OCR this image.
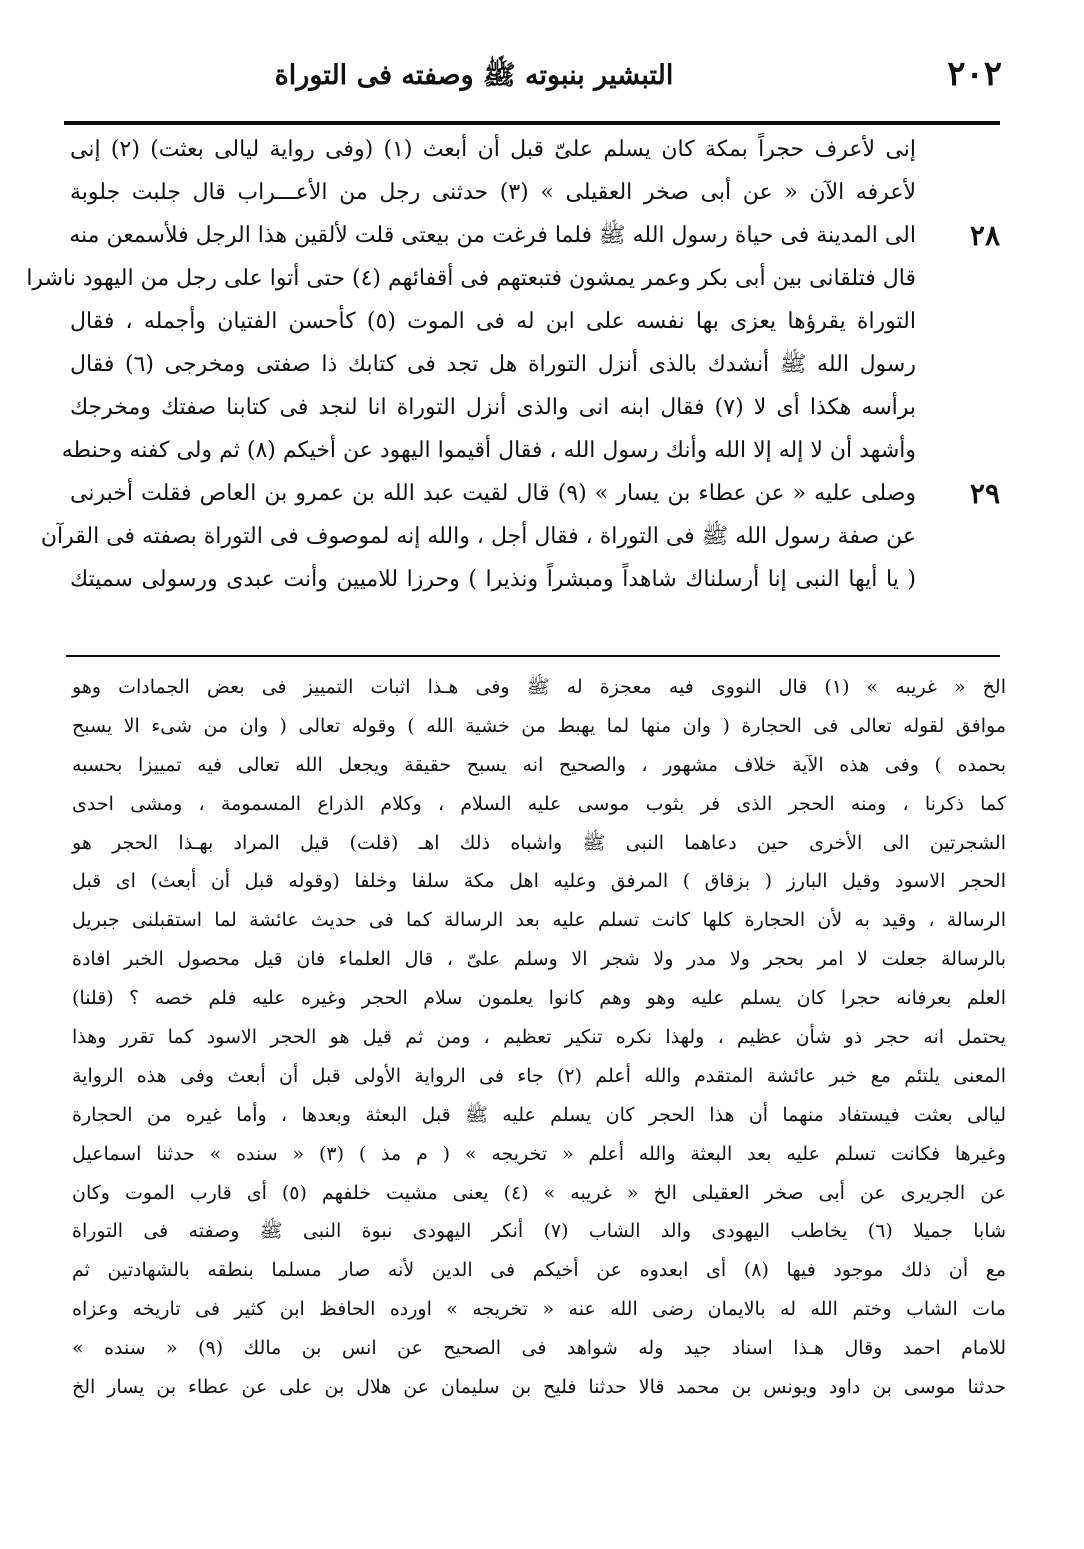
٢٠٢
التبشير بنبوته ﷺ وصفته فى التوراة
إنى لأعرف حجراً بمكة كان يسلم علىّ قبل أن أبعث (١) (وفى رواية ليالى بعثت) (٢) إنى
٢٨
لأعرفه الآن « عن أبى صخر العقيلى » (٣) حدثنى رجل من الأعـــراب قال جلبت جلوبة
الى المدينة فى حياة رسول الله ﷺ فلما فرغت من بيعتى قلت لألقين هذا الرجل فلأسمعن منه
قال فتلقانى بين أبى بكر وعمر يمشون فتبعتهم فى أقفائهم (٤) حتى أتوا على رجل من اليهود ناشرا
التوراة يقرؤها يعزى بها نفسه على ابن له فى الموت (٥) كأحسن الفتيان وأجمله ، فقال
رسول الله ﷺ أنشدك بالذى أنزل التوراة هل تجد فى كتابك ذا صفتى ومخرجى (٦) فقال
برأسه هكذا أى لا (٧) فقال ابنه انى والذى أنزل التوراة انا لنجد فى كتابنا صفتك ومخرجك
وأشهد أن لا إله إلا الله وأنك رسول الله ، فقال أقيموا اليهود عن أخيكم (٨) ثم ولى كفنه وحنطه
٢٩
وصلى عليه « عن عطاء بن يسار » (٩) قال لقيت عبد الله بن عمرو بن العاص فقلت أخبرنى
عن صفة رسول الله ﷺ فى التوراة ، فقال أجل ، والله إنه لموصوف فى التوراة بصفته فى القرآن
( يا أيها النبى إنا أرسلناك شاهداً ومبشراً ونذيرا ) وحرزا للاميين وأنت عبدى ورسولى سميتك
الخ « غريبه » (١) قال النووى فيه معجزة له ﷺ وفى هـذا اثبات التمييز فى بعض الجمادات وهو
موافق لقوله تعالى فى الحجارة ( وان منها لما يهبط من خشية الله ) وقوله تعالى ( وان من شىء الا يسبح
بحمده ) وفى هذه الآية خلاف مشهور ، والصحيح انه يسبح حقيقة ويجعل الله تعالى فيه تمييزا بحسبه
كما ذكرنا ، ومنه الحجر الذى فر بثوب موسى عليه السلام ، وكلام الذراع المسمومة ، ومشى احدى
الشجرتين الى الأخرى حين دعاهما النبى ﷺ واشباه ذلك اهـ (قلت) قيل المراد بهـذا الحجر هو
الحجر الاسود وقيل البارز ( بزقاق ) المرفق وعليه اهل مكة سلفا وخلفا (وقوله قبل أن أبعث) اى قبل
الرسالة ، وقيد به لأن الحجارة كلها كانت تسلم عليه بعد الرسالة كما فى حديث عائشة لما استقبلنى جبريل
بالرسالة جعلت لا امر بحجر ولا مدر ولا شجر الا وسلم علىّ ، قال العلماء فان قيل محصول الخبر افادة
العلم بعرفانه حجرا كان يسلم عليه وهو وهم كانوا يعلمون سلام الحجر وغيره عليه فلم خصه ؟ (قلنا)
يحتمل انه حجر ذو شأن عظيم ، ولهذا نكره تنكير تعظيم ، ومن ثم قيل هو الحجر الاسود كما تقرر وهذا
المعنى يلتئم مع خبر عائشة المتقدم والله أعلم (٢) جاء فى الرواية الأولى قبل أن أبعث وفى هذه الرواية
ليالى بعثت فيستفاد منهما أن هذا الحجر كان يسلم عليه ﷺ قبل البعثة وبعدها ، وأما غيره من الحجارة
وغيرها فكانت تسلم عليه بعد البعثة والله أعلم « تخريجه » ( م مذ ) (٣) « سنده » حدثنا اسماعيل
عن الجريرى عن أبى صخر العقيلى الخ « غريبه » (٤) يعنى مشيت خلفهم (٥) أى قارب الموت وكان
شابا جميلا (٦) يخاطب اليهودى والد الشاب (٧) أنكر اليهودى نبوة النبى ﷺ وصفته فى التوراة
مع أن ذلك موجود فيها (٨) أى ابعدوه عن أخيكم فى الدين لأنه صار مسلما بنطقه بالشهادتين ثم
مات الشاب وختم الله له بالايمان رضى الله عنه « تخريجه » اورده الحافظ ابن كثير فى تاريخه وعزاه
للامام احمد وقال هـذا اسناد جيد وله شواهد فى الصحيح عن انس بن مالك (٩) « سنده »
حدثنا موسى بن داود ويونس بن محمد قالا حدثنا فليح بن سليمان عن هلال بن على عن عطاء بن يسار الخ
